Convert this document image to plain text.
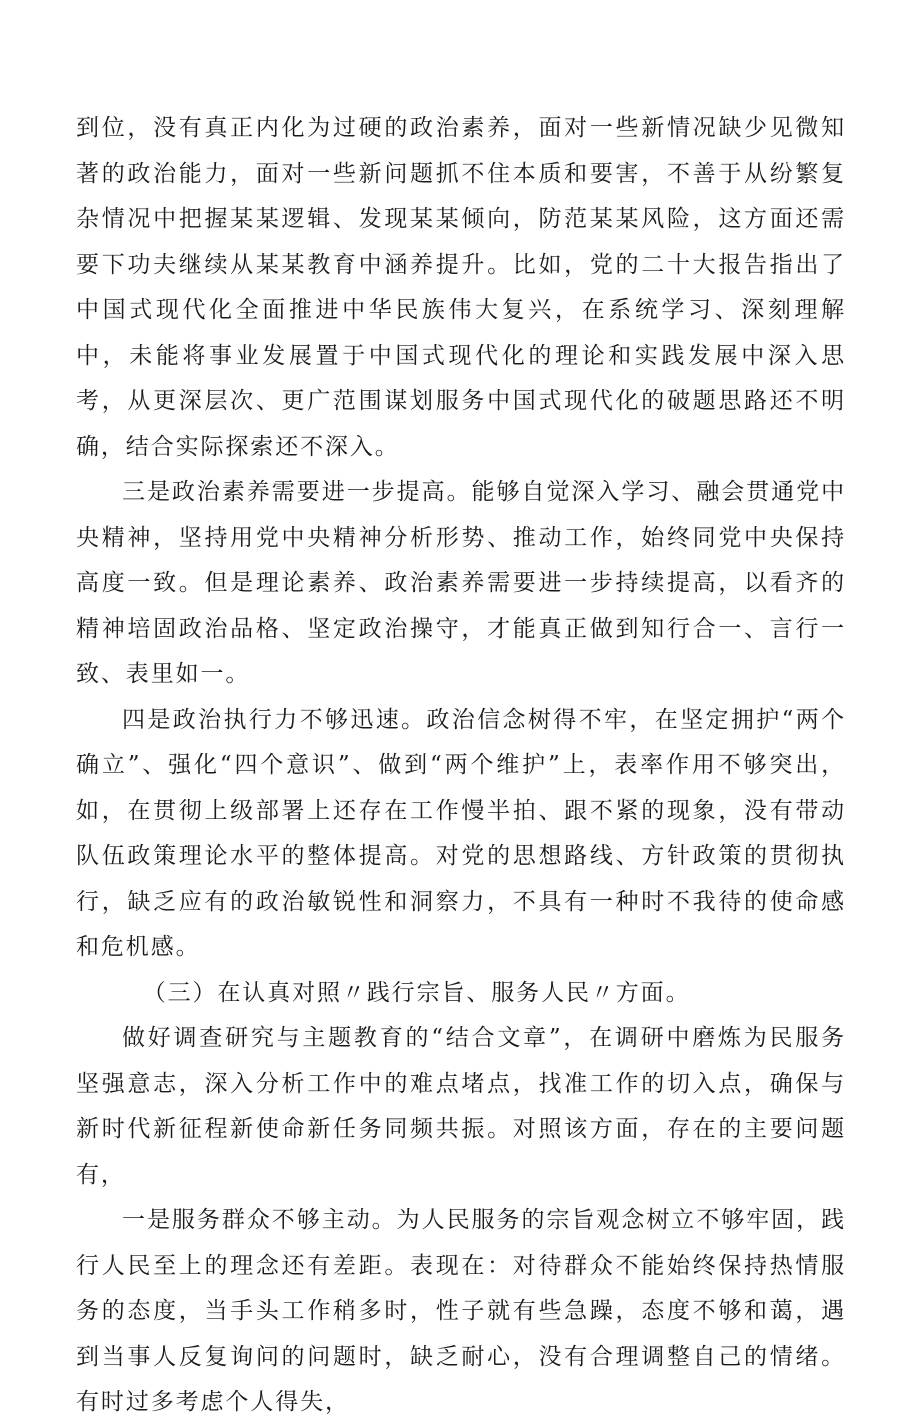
到位，没有真正内化为过硬的政治素养，面对一些新情况缺少见微知著的政治能力，面对一些新问题抓不住本质和要害，不善于从纷繁复杂情况中把握某某逻辑、发现某某倾向，防范某某风险，这方面还需要下功夫继续从某某教育中涵养提升。比如，党的二十大报告指出了中国式现代化全面推进中华民族伟大复兴，在系统学习、深刻理解中，未能将事业发展置于中国式现代化的理论和实践发展中深入思考，从更深层次、更广范围谋划服务中国式现代化的破题思路还不明确，结合实际探索还不深入。

三是政治素养需要进一步提高。能够自觉深入学习、融会贯通党中央精神，坚持用党中央精神分析形势、推动工作，始终同党中央保持高度一致。但是理论素养、政治素养需要进一步持续提高，以看齐的精神培固政治品格、坚定政治操守，才能真正做到知行合一、言行一致、表里如一。

四是政治执行力不够迅速。政治信念树得不牢，在坚定拥护“两个确立”、强化“四个意识”、做到“两个维护”上，表率作用不够突出，如，在贯彻上级部署上还存在工作慢半拍、跟不紧的现象，没有带动队伍政策理论水平的整体提高。对党的思想路线、方针政策的贯彻执行，缺乏应有的政治敏锐性和洞察力，不具有一种时不我待的使命感和危机感。

（三）在认真对照〃践行宗旨、服务人民〃方面。

做好调查研究与主题教育的“结合文章”，在调研中磨炼为民服务坚强意志，深入分析工作中的难点堵点，找准工作的切入点，确保与新时代新征程新使命新任务同频共振。对照该方面，存在的主要问题有，

一是服务群众不够主动。为人民服务的宗旨观念树立不够牢固，践行人民至上的理念还有差距。表现在：对待群众不能始终保持热情服务的态度，当手头工作稍多时，性子就有些急躁，态度不够和蔼，遇到当事人反复询问的问题时，缺乏耐心，没有合理调整自己的情绪。有时过多考虑个人得失，
